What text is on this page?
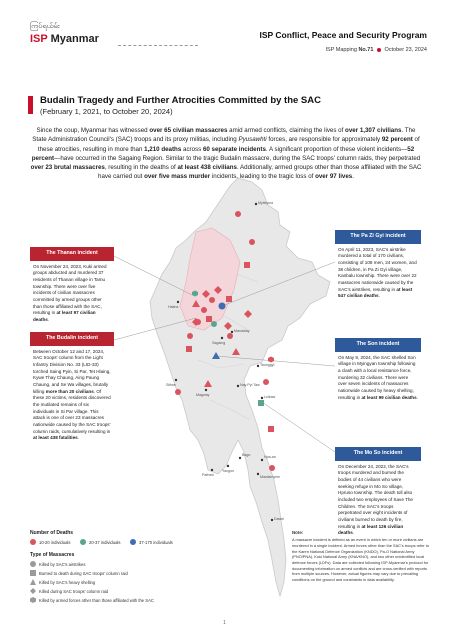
ကြပ်ရယ်မ်း
ISP Myanmar	ISP Conflict, Peace and Security Program
ISP Mapping No.71 October 23, 2024
Budalin Tragedy and Further Atrocities Committed by the SAC
(February 1, 2021, to October 20, 2024)
Since the coup, Myanmar has witnessed over 65 civilian massacres amid armed conflicts, claiming the lives of over 1,307 civilians. The State Administration Council's (SAC) troops and its proxy militias, including Pyusawhti forces, are responsible for approximately 92 percent of these atrocities, resulting in more than 1,210 deaths across 60 separate incidents. A significant proportion of these violent incidents—52 percent—have occurred in the Sagaing Region. Similar to the tragic Budalin massacre, during the SAC troops' column raids, they perpetrated over 23 brutal massacres, resulting in the deaths of at least 438 civilians. Additionally, armed groups other than those affiliated with the SAC have carried out over five mass murder incidents, leading to the tragic loss of over 97 lives.
Myitkyina
Hakha
Sagaing
Mandalay
Taunggyi
Loikaw
Nay Pyi Taw
Sittwe
Magway
Bago	Hpa-an
Yangon
Mawlamyine
Pathein
Dawei
The Thanan incident
On November 24, 2023, Kuki armed groups abducted and murdered 37 residents of Thanan village in Tamu township. There were over five incidents of civilian massacres committed by armed groups other than those affiliated with the SAC, resulting in at least 97 civilian deaths.
The Budalin incident
Between October 12 and 17, 2024, SAC troops' column from the Light Infantry Division No. 33 (LID-33) torched Saing Pyin, Si Par, Tet Hlaing, Kywe Thay Chaung, Aing Paung Chaung, and Se Wa villages, brutally killing more than 20 civilians. Of these 20 victims, residents discovered the mutilated remains of six individuals in Si Par village. This attack is one of over 23 massacres nationwide caused by the SAC troops' column raids, cumulatively resulting in at least 438 fatalities.
The Pa Zi Gyi incident
On April 11, 2023, SAC's airstrike murdered a total of 170 civilians, consisting of 108 men, 24 women, and 38 children, in Pa Zi Gyi village, Kanbalu township. There were over 22 massacres nationwide caused by the SAC's airstrikes, resulting in at least 547 civilian deaths.
The Son incident
On May 9, 2024, the SAC shelled Son village in Myingyan township following a clash with a local resistance force, murdering 32 civilians. There were over seven incidents of massacres nationwide caused by heavy shelling, resulting in at least 99 civilian deaths.
The Mo So incident
On December 24, 2022, the SAC's troops murdered and burned the bodies of 44 civilians who were seeking refuge in Mo So village, Hpruso township. The death toll also included two employees of Save The Children. The SAC's troops perpetrated over eight incidents of civilians burned to death by fire, resulting in at least 126 civilian deaths.
Number of Deaths
10-20 individuals	20-37 individuals	37-170 individuals
Type of Massacres
Killed by SAC's airstrikes
Burned to death during SAC troops' column raid
Killed by SAC's heavy shelling
Killed during SAC troops' column raid
Killed by armed forces other than those affiliated with the SAC
Note:
A massacre incident is defined as an event in which ten or more civilians are murdered in a single incident. Armed forces other than the SAC's troops refer to the Karen National Defence Organization (KNDO), Pa-O National Army (PNO/PNA), Kuki National Army (KNA/KNO), and two other unidentified local defence forces (LDFs). Data are collected following ISP-Myanmar's protocol for documenting information on armed conflicts and are cross-verified with reports from multiple sources. However, actual figures may vary due to prevailing conditions on the ground and constraints in data availability.
1
